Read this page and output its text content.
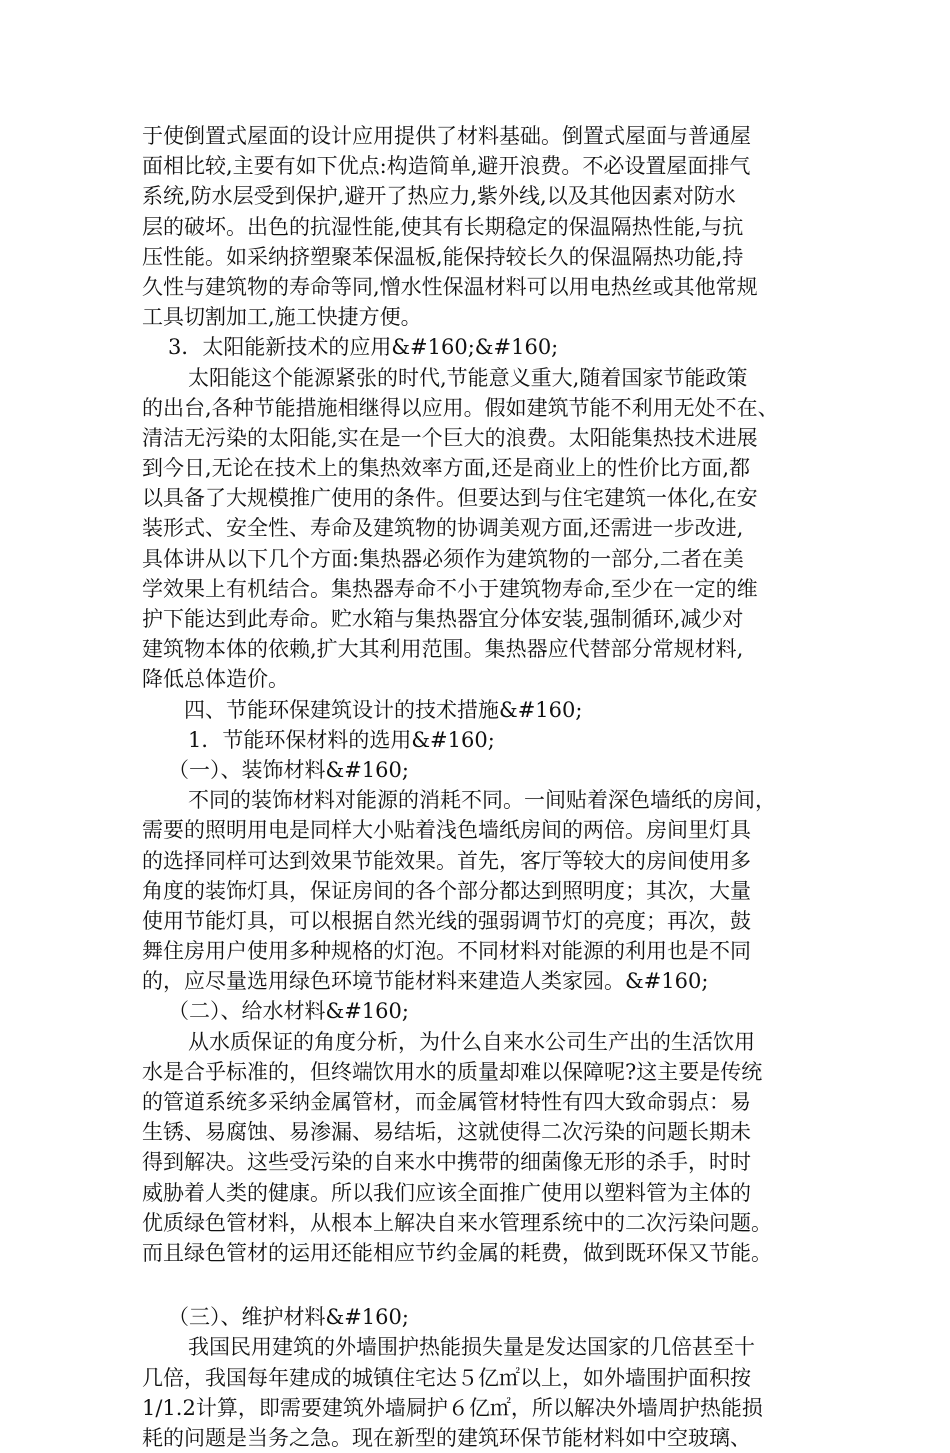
于使倒置式屋面的设计应用提供了材料基础。倒置式屋面与普通屋
面相比较,主要有如下优点:构造简单,避开浪费。不必设置屋面排气
系统,防水层受到保护,避开了热应力,紫外线,以及其他因素对防水
层的破坏。出色的抗湿性能,使其有长期稳定的保温隔热性能,与抗
压性能。如采纳挤塑聚苯保温板,能保持较长久的保温隔热功能,持
久性与建筑物的寿命等同,憎水性保温材料可以用电热丝或其他常规
工具切割加工,施工快捷方便。
3．太阳能新技术的应用&#160;&#160;
太阳能这个能源紧张的时代,节能意义重大,随着国家节能政策
的出台,各种节能措施相继得以应用。假如建筑节能不利用无处不在、
清洁无污染的太阳能,实在是一个巨大的浪费。太阳能集热技术进展
到今日,无论在技术上的集热效率方面,还是商业上的性价比方面,都
以具备了大规模推广使用的条件。但要达到与住宅建筑一体化,在安
装形式、安全性、寿命及建筑物的协调美观方面,还需进一步改进,
具体讲从以下几个方面:集热器必须作为建筑物的一部分,二者在美
学效果上有机结合。集热器寿命不小于建筑物寿命,至少在一定的维
护下能达到此寿命。贮水箱与集热器宜分体安装,强制循环,减少对
建筑物本体的依赖,扩大其利用范围。集热器应代替部分常规材料,
降低总体造价。
四、节能环保建筑设计的技术措施&#160;
1．节能环保材料的选用&#160;
（一）、装饰材料&#160;
不同的装饰材料对能源的消耗不同。一间贴着深色墙纸的房间，
需要的照明用电是同样大小贴着浅色墙纸房间的两倍。房间里灯具
的选择同样可达到效果节能效果。首先，客厅等较大的房间使用多
角度的装饰灯具，保证房间的各个部分都达到照明度；其次，大量
使用节能灯具，可以根据自然光线的强弱调节灯的亮度；再次，鼓
舞住房用户使用多种规格的灯泡。不同材料对能源的利用也是不同
的，应尽量选用绿色环境节能材料来建造人类家园。&#160;
（二）、给水材料&#160;
从水质保证的角度分析，为什么自来水公司生产出的生活饮用
水是合乎标准的，但终端饮用水的质量却难以保障呢?这主要是传统
的管道系统多采纳金属管材，而金属管材特性有四大致命弱点：易
生锈、易腐蚀、易渗漏、易结垢，这就使得二次污染的问题长期未
得到解决。这些受污染的自来水中携带的细菌像无形的杀手，时时
威胁着人类的健康。所以我们应该全面推广使用以塑料管为主体的
优质绿色管材料，从根本上解决自来水管理系统中的二次污染问题。
而且绿色管材的运用还能相应节约金属的耗费，做到既环保又节能。
（三）、维护材料&#160;
我国民用建筑的外墙围护热能损失量是发达国家的几倍甚至十
几倍，我国每年建成的城镇住宅达５亿㎡以上，如外墙围护面积按
1/1.2计算，即需要建筑外墙屙护６亿㎡，所以解决外墙周护热能损
耗的问题是当务之急。现在新型的建筑环保节能材料如中空玻璃、
